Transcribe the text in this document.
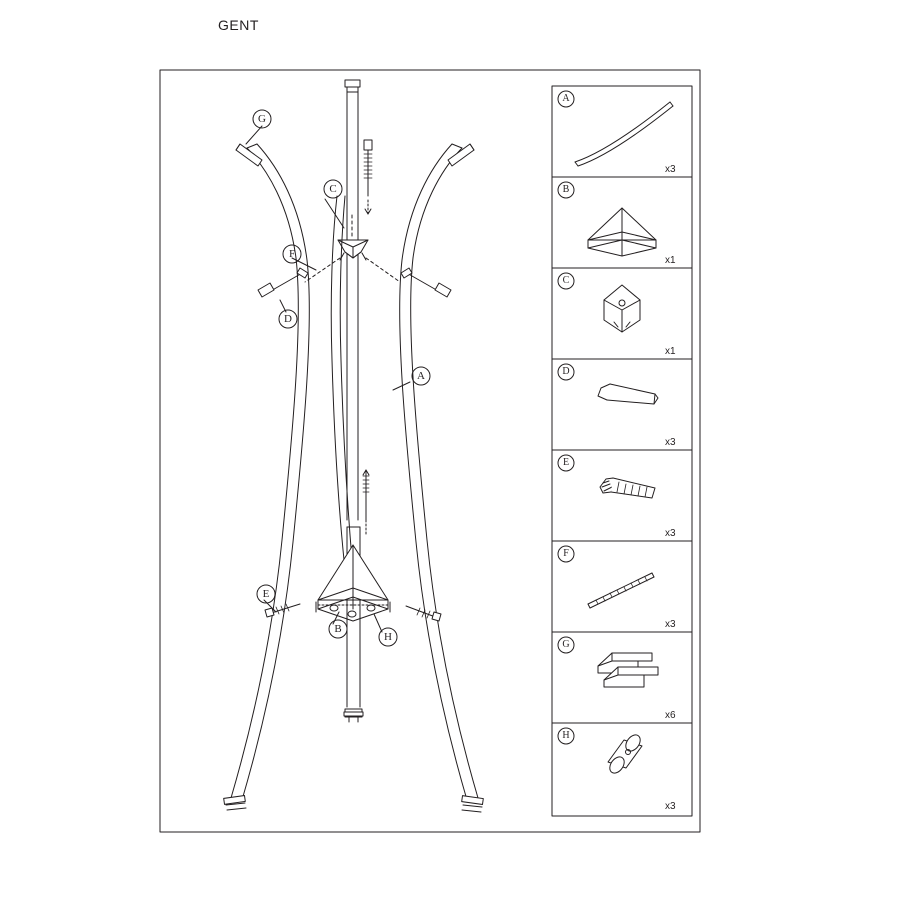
GENT
G
C
F
D
A
E
B
H
A
B
C
D
E
F
G
H
x3
x1
x1
x3
x3
x3
x6
x3
